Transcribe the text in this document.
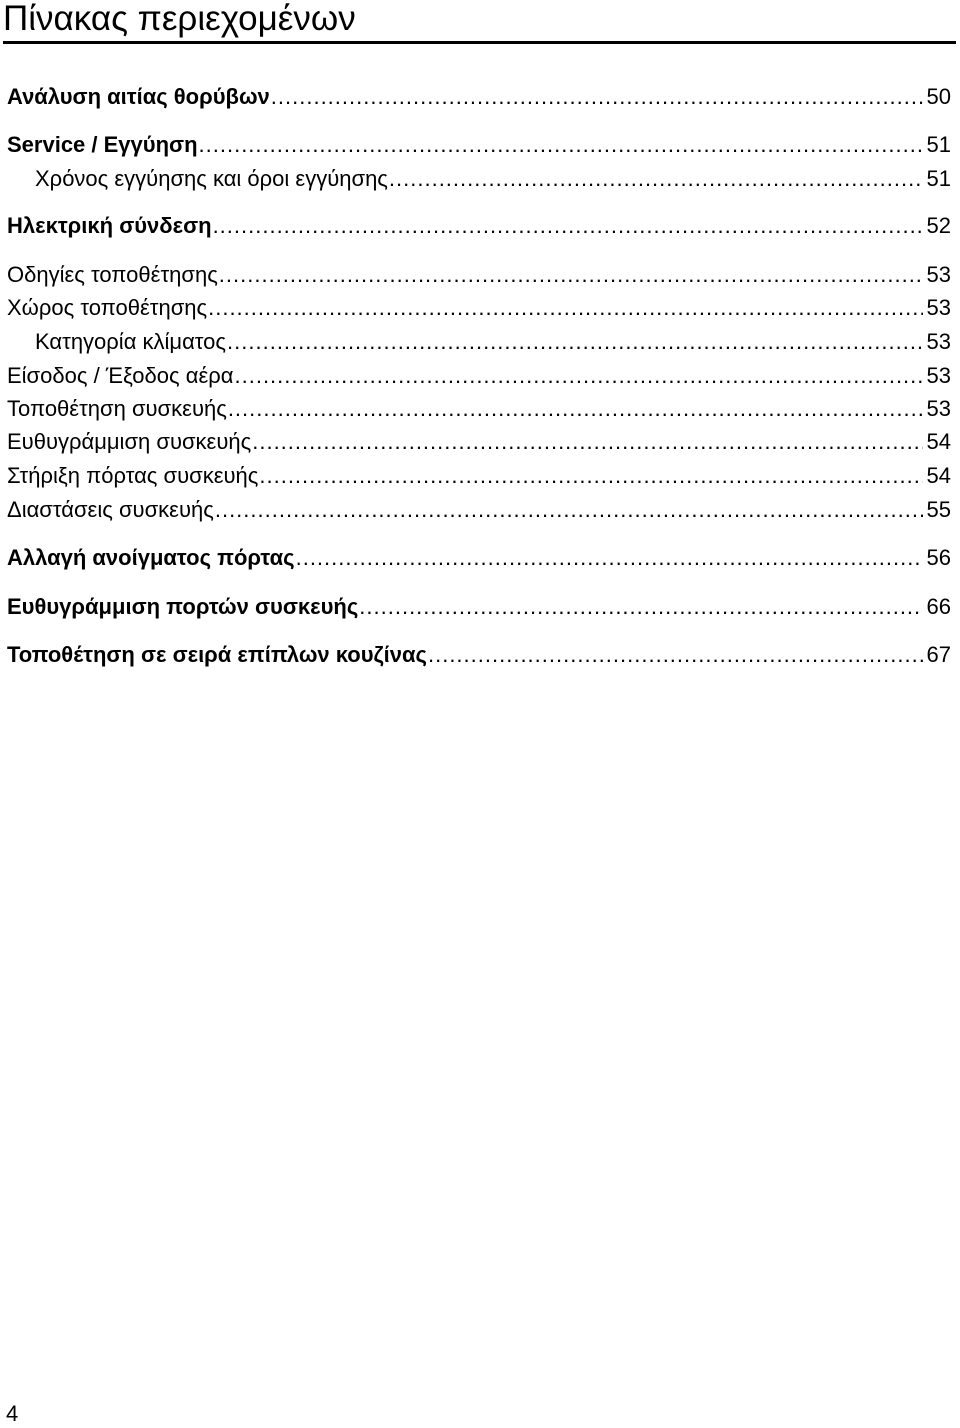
Πίνακας περιεχομένων
Ανάλυση αιτίας θορύβων .....	50
Service / Εγγύηση .....	51
Χρόνος εγγύησης και όροι εγγύησης .....	51
Ηλεκτρική σύνδεση .....	52
Οδηγίες τοποθέτησης .....	53
Χώρος τοποθέτησης .....	53
Κατηγορία κλίματος .....	53
Είσοδος / Έξοδος αέρα .....	53
Τοποθέτηση συσκευής .....	53
Ευθυγράμμιση συσκευής .....	54
Στήριξη πόρτας συσκευής .....	54
Διαστάσεις συσκευής .....	55
Αλλαγή ανοίγματος πόρτας .....	56
Ευθυγράμμιση πορτών συσκευής .....	66
Τοποθέτηση σε σειρά επίπλων κουζίνας .....	67
4
